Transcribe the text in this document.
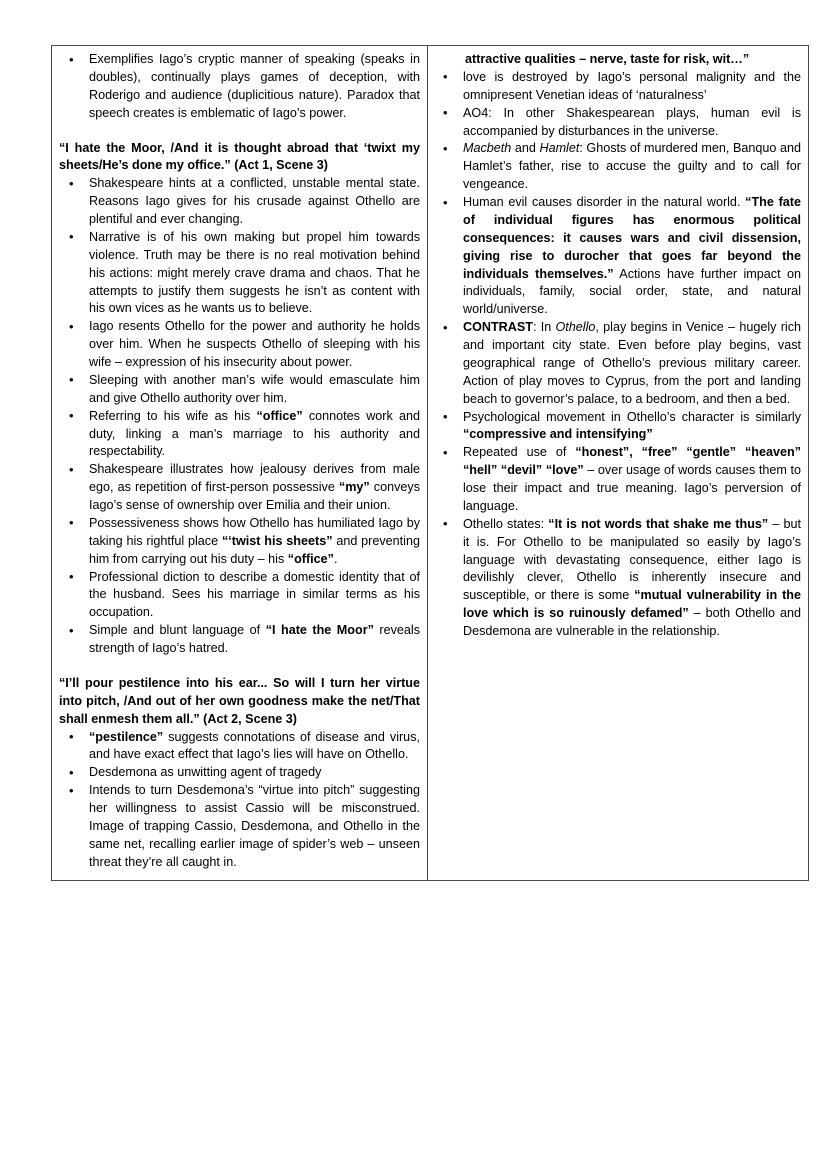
• Exemplifies Iago’s cryptic manner of speaking (speaks in doubles), continually plays games of deception, with Roderigo and audience (duplicitious nature). Paradox that speech creates is emblematic of Iago’s power.

“I hate the Moor, /And it is thought abroad that ‘twixt my sheets/He’s done my office.” (Act 1, Scene 3)

• Shakespeare hints at a conflicted, unstable mental state. Reasons Iago gives for his crusade against Othello are plentiful and ever changing.
• Narrative is of his own making but propel him towards violence. Truth may be there is no real motivation behind his actions: might merely crave drama and chaos. That he attempts to justify them suggests he isn’t as content with his own vices as he wants us to believe.
• Iago resents Othello for the power and authority he holds over him. When he suspects Othello of sleeping with his wife – expression of his insecurity about power.
• Sleeping with another man’s wife would emasculate him and give Othello authority over him.
• Referring to his wife as his “office” connotes work and duty, linking a man’s marriage to his authority and respectability.
• Shakespeare illustrates how jealousy derives from male ego, as repetition of first-person possessive “my” conveys Iago’s sense of ownership over Emilia and their union.
• Possessiveness shows how Othello has humiliated Iago by taking his rightful place “‘twist his sheets” and preventing him from carrying out his duty – his “office”.
• Professional diction to describe a domestic identity that of the husband. Sees his marriage in similar terms as his occupation.
• Simple and blunt language of “I hate the Moor” reveals strength of Iago’s hatred.

“I’ll pour pestilence into his ear... So will I turn her virtue into pitch, /And out of her own goodness make the net/That shall enmesh them all.” (Act 2, Scene 3)

• “pestilence” suggests connotations of disease and virus, and have exact effect that Iago’s lies will have on Othello.
• Desdemona as unwitting agent of tragedy
• Intends to turn Desdemona’s “virtue into pitch” suggesting her willingness to assist Cassio will be misconstrued. Image of trapping Cassio, Desdemona, and Othello in the same net, recalling earlier image of spider’s web – unseen threat they’re all caught in.

attractive qualities – nerve, taste for risk, wit…”

• love is destroyed by Iago’s personal malignity and the omnipresent Venetian ideas of ‘naturalness’
• AO4: In other Shakespearean plays, human evil is accompanied by disturbances in the universe.
• Macbeth and Hamlet: Ghosts of murdered men, Banquo and Hamlet’s father, rise to accuse the guilty and to call for vengeance.
• Human evil causes disorder in the natural world. “The fate of individual figures has enormous political consequences: it causes wars and civil dissension, giving rise to durocher that goes far beyond the individuals themselves.” Actions have further impact on individuals, family, social order, state, and natural world/universe.
• CONTRAST: In Othello, play begins in Venice – hugely rich and important city state. Even before play begins, vast geographical range of Othello’s previous military career. Action of play moves to Cyprus, from the port and landing beach to governor’s palace, to a bedroom, and then a bed.
• Psychological movement in Othello’s character is similarly “compressive and intensifying”
• Repeated use of “honest”, “free” “gentle” “heaven” “hell” “devil” “love” – over usage of words causes them to lose their impact and true meaning. Iago’s perversion of language.
• Othello states: “It is not words that shake me thus” – but it is. For Othello to be manipulated so easily by Iago’s language with devastating consequence, either Iago is devilishly clever, Othello is inherently insecure and susceptible, or there is some “mutual vulnerability in the love which is so ruinously defamed” – both Othello and Desdemona are vulnerable in the relationship.
